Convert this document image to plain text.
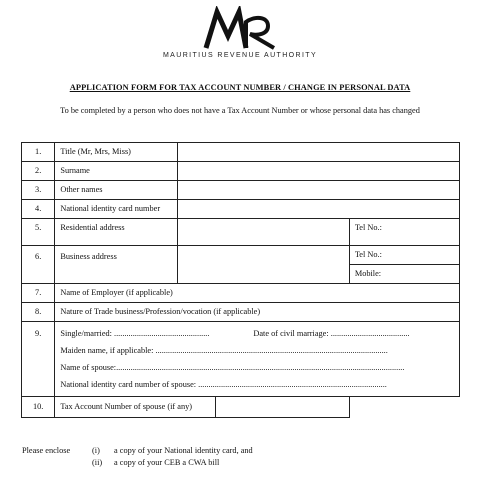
MAURITIUS REVENUE AUTHORITY
APPLICATION FORM FOR TAX ACCOUNT NUMBER / CHANGE IN PERSONAL DATA
To be completed by a person who does not have a Tax Account Number or whose personal data has changed
1.	Title (Mr, Mrs, Miss)		
2.	Surname		
3.	Other names		
4.	National identity card number		
5.	Residential address		Tel No.:
6.	Business address		Tel No.:
			Mobile:
7.	Name of Employer (if applicable)		
8.	Nature of Trade business/Profession/vocation (if applicable)		
9.	Single/married: .............................................. Date of civil marriage: ......................................
Maiden name, if applicable: ................................................................................................................
Name of spouse:...........................................................................................................................................
National identity card number of spouse: ...........................................................................................		

10.	Tax Account Number of spouse (if any)		

Please enclose	(i) a copy of your National identity card, and
(ii) a copy of your CEB a CWA bill
